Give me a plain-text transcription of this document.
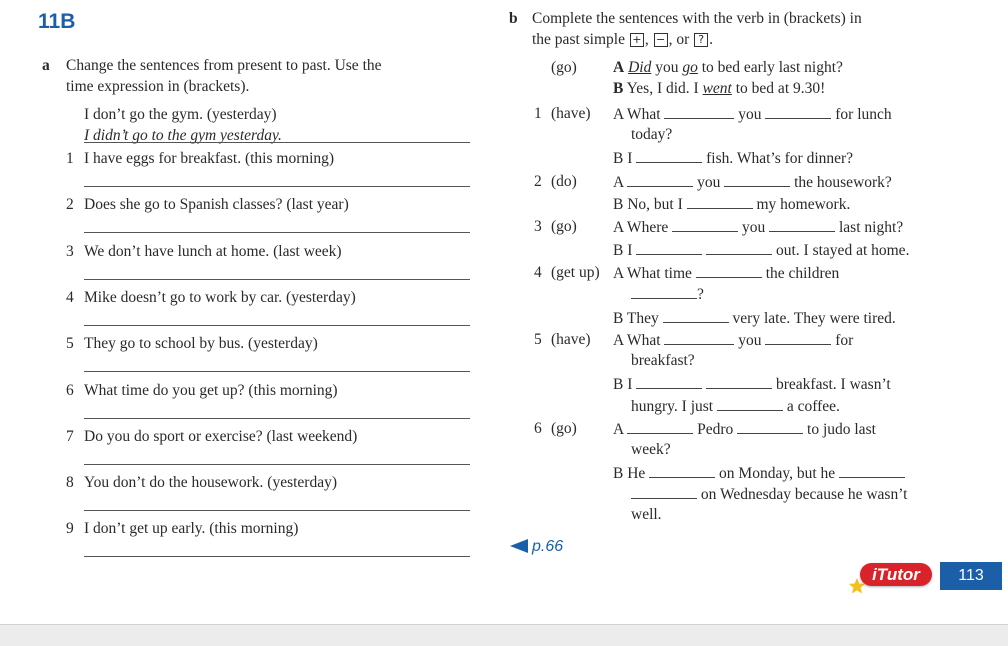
11B
a Change the sentences from present to past. Use the
time expression in (brackets).
I don’t go the gym. (yesterday)
I didn’t go to the gym yesterday.
1 I have eggs for breakfast. (this morning)
2 Does she go to Spanish classes? (last year)
3 We don’t have lunch at home. (last week)
4 Mike doesn’t go to work by car. (yesterday)
5 They go to school by bus. (yesterday)
6 What time do you get up? (this morning)
7 Do you do sport or exercise? (last weekend)
8 You don’t do the housework. (yesterday)
9 I don’t get up early. (this morning)
b Complete the sentences with the verb in (brackets) in
the past simple + , − , or ? .
(go) A Did you go to bed early last night?
B Yes, I did. I went to bed at 9.30!
1 (have) A What	you	for lunch
today?
B I	fish. What’s for dinner?
2 (do) A	you	the housework?
B No, but I	my homework.
3 (go) A Where	you	last night?
B I	out. I stayed at home.
4 (get up) A What time	the children
?
B They	very late. They were tired.
5 (have) A What	you	for
breakfast?
B I	breakfast. I wasn’t
hungry. I just	a coffee.
6 (go) A	Pedro	to judo last
week?
B He	on Monday, but he
on Wednesday because he wasn’t
well.
p.66
iTutor	113
